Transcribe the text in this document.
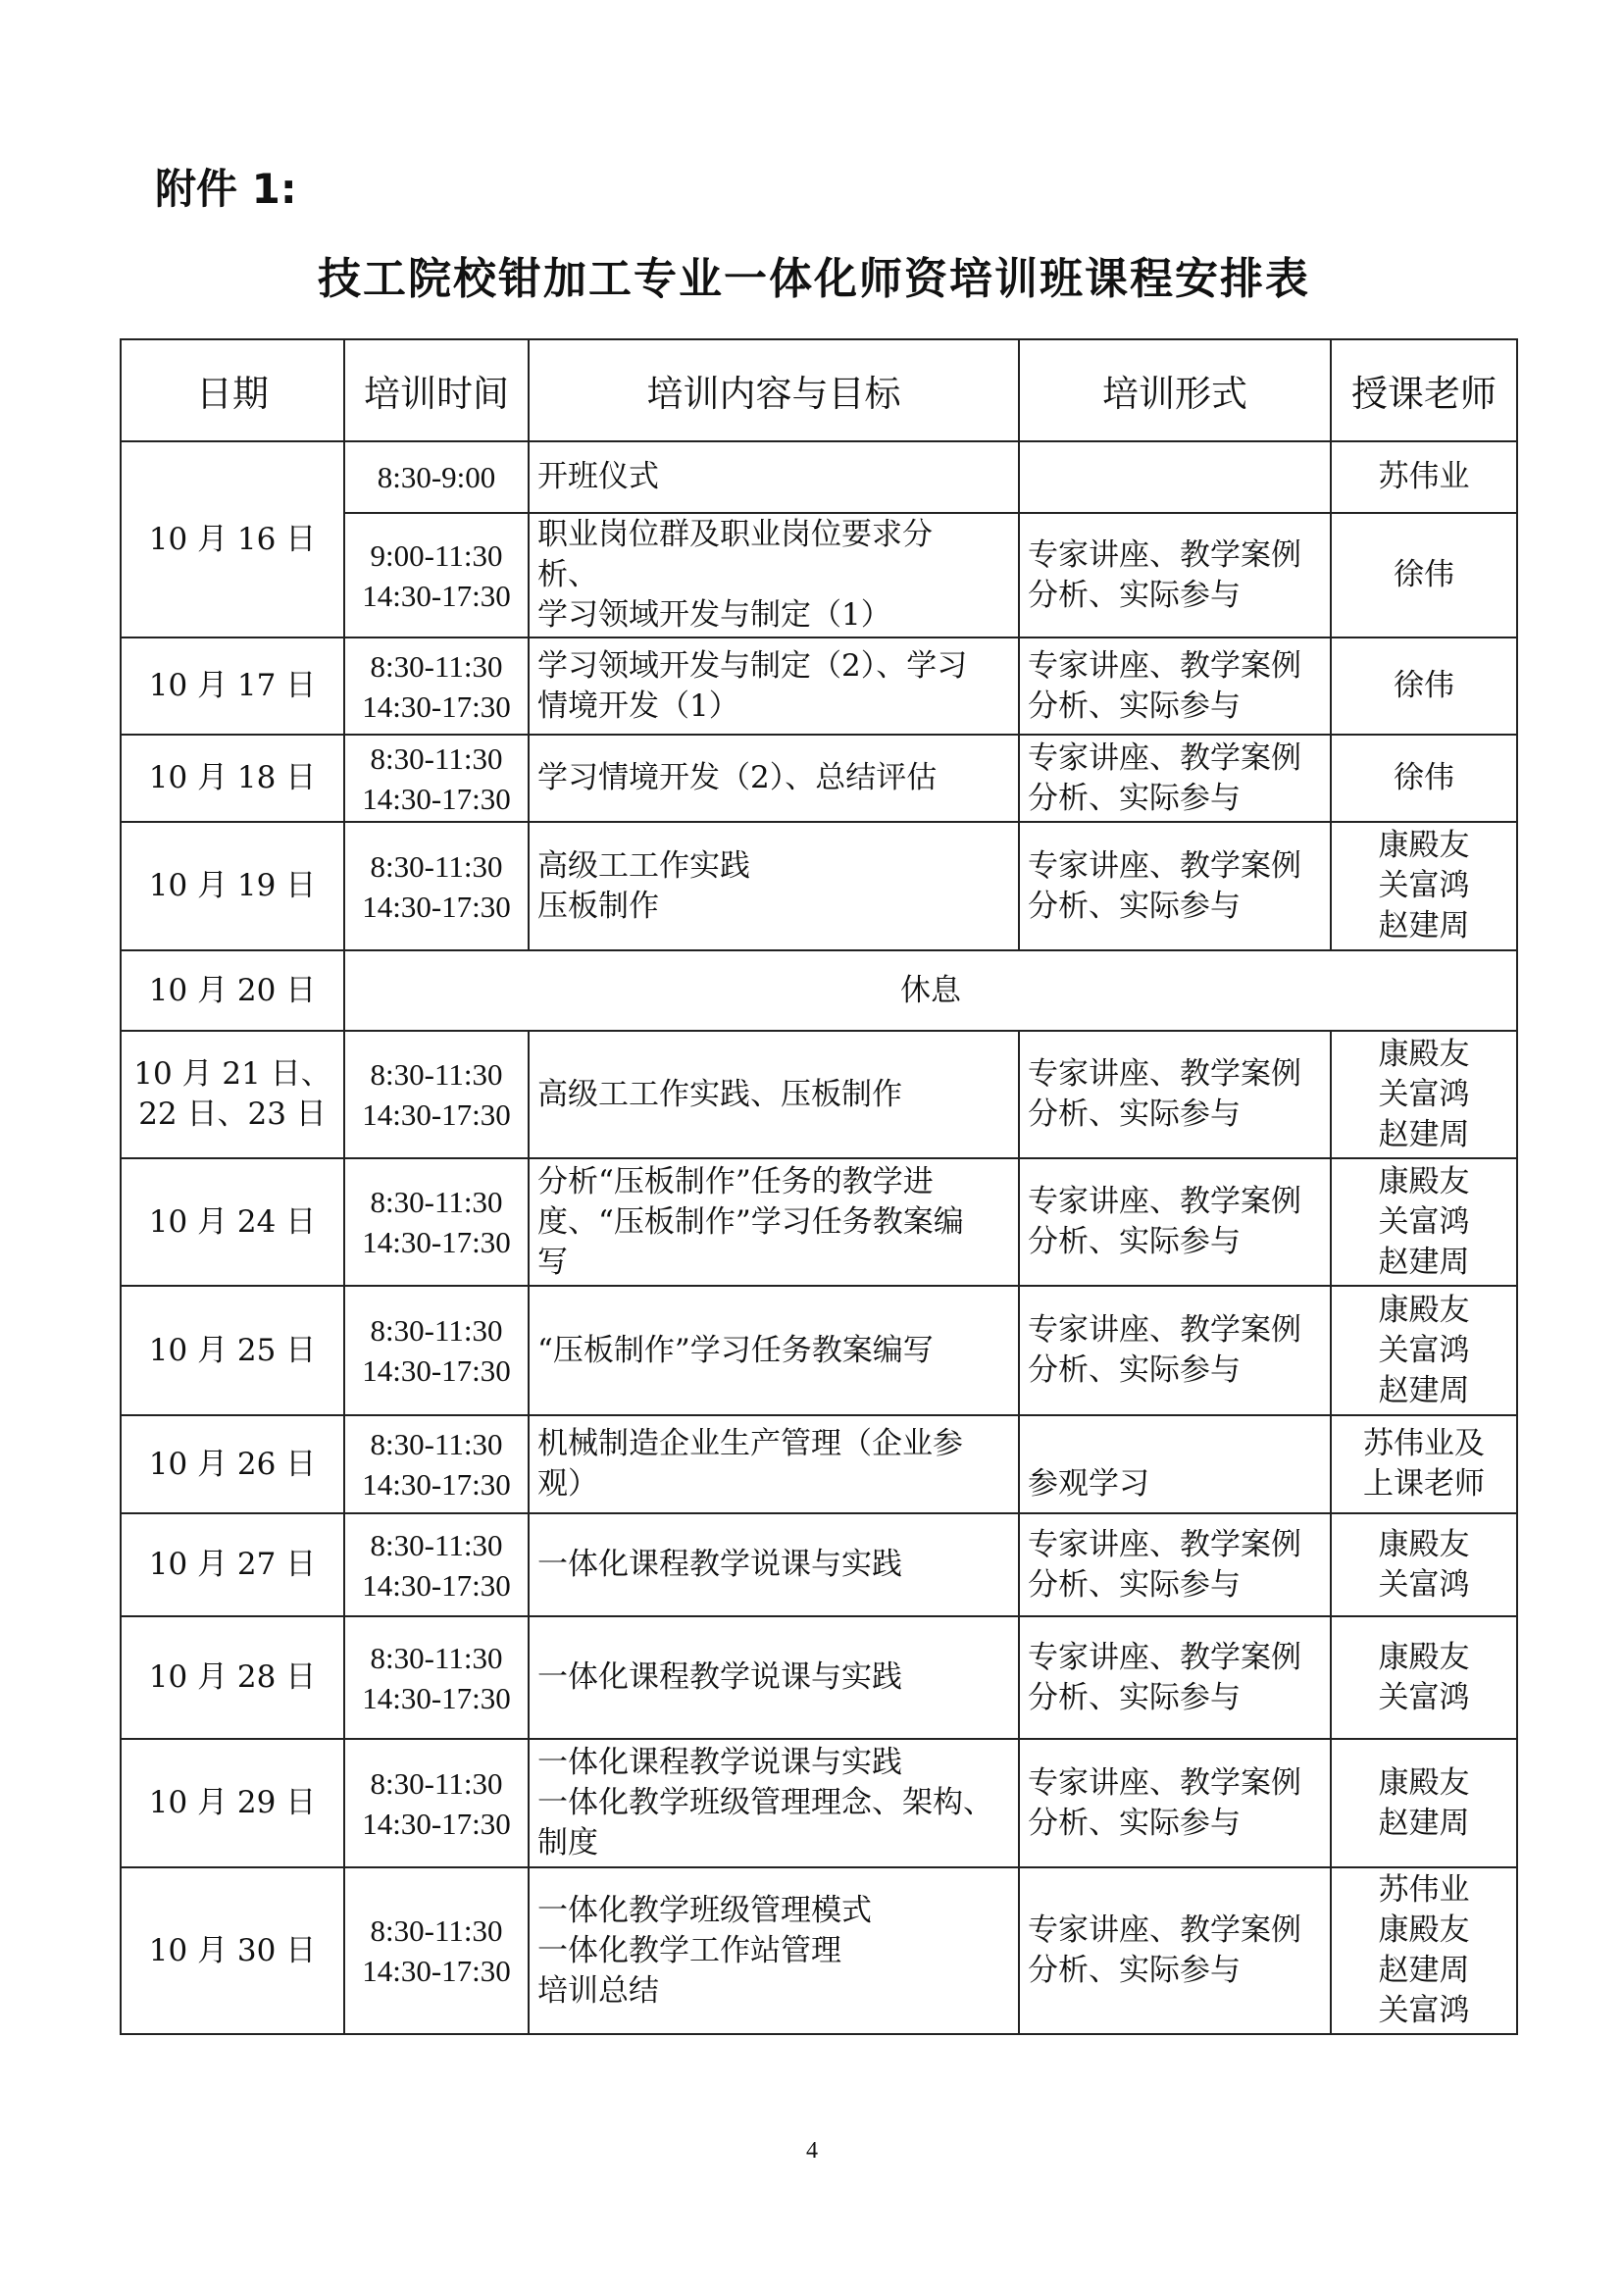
附件 1:
技工院校钳加工专业一体化师资培训班课程安排表
日期	培训时间	培训内容与目标	培训形式	授课老师

10 月 16 日	8:30-9:00	开班仪式		苏伟业

	9:00-11:30
14:30-17:30	职业岗位群及职业岗位要求分
析、
学习领域开发与制定（1）	专家讲座、教学案例
分析、实际参与	徐伟

10 月 17 日	8:30-11:30
14:30-17:30	学习领域开发与制定（2）、学习
情境开发（1）	专家讲座、教学案例
分析、实际参与	徐伟

10 月 18 日	8:30-11:30
14:30-17:30	学习情境开发（2）、总结评估	专家讲座、教学案例
分析、实际参与	徐伟

10 月 19 日	8:30-11:30
14:30-17:30	高级工工作实践
压板制作	专家讲座、教学案例
分析、实际参与	康殿友
关富鸿
赵建周

10 月 20 日	休息			

10 月 21 日、
22 日、23 日	8:30-11:30
14:30-17:30	高级工工作实践、压板制作	专家讲座、教学案例
分析、实际参与	康殿友
关富鸿
赵建周

10 月 24 日	8:30-11:30
14:30-17:30	分析“压板制作”任务的教学进
度、“压板制作”学习任务教案编
写	专家讲座、教学案例
分析、实际参与	康殿友
关富鸿
赵建周

10 月 25 日	8:30-11:30
14:30-17:30	“压板制作”学习任务教案编写	专家讲座、教学案例
分析、实际参与	康殿友
关富鸿
赵建周

10 月 26 日	8:30-11:30
14:30-17:30	机械制造企业生产管理（企业参
观）	参观学习	苏伟业及
上课老师

10 月 27 日	8:30-11:30
14:30-17:30	一体化课程教学说课与实践	专家讲座、教学案例
分析、实际参与	康殿友
关富鸿

10 月 28 日	8:30-11:30
14:30-17:30	一体化课程教学说课与实践	专家讲座、教学案例
分析、实际参与	康殿友
关富鸿

10 月 29 日	8:30-11:30
14:30-17:30	一体化课程教学说课与实践
一体化教学班级管理理念、架构、
制度	专家讲座、教学案例
分析、实际参与	康殿友
赵建周

10 月 30 日	8:30-11:30
14:30-17:30	一体化教学班级管理模式
一体化教学工作站管理
培训总结	专家讲座、教学案例
分析、实际参与	苏伟业
康殿友
赵建周
关富鸿
4
